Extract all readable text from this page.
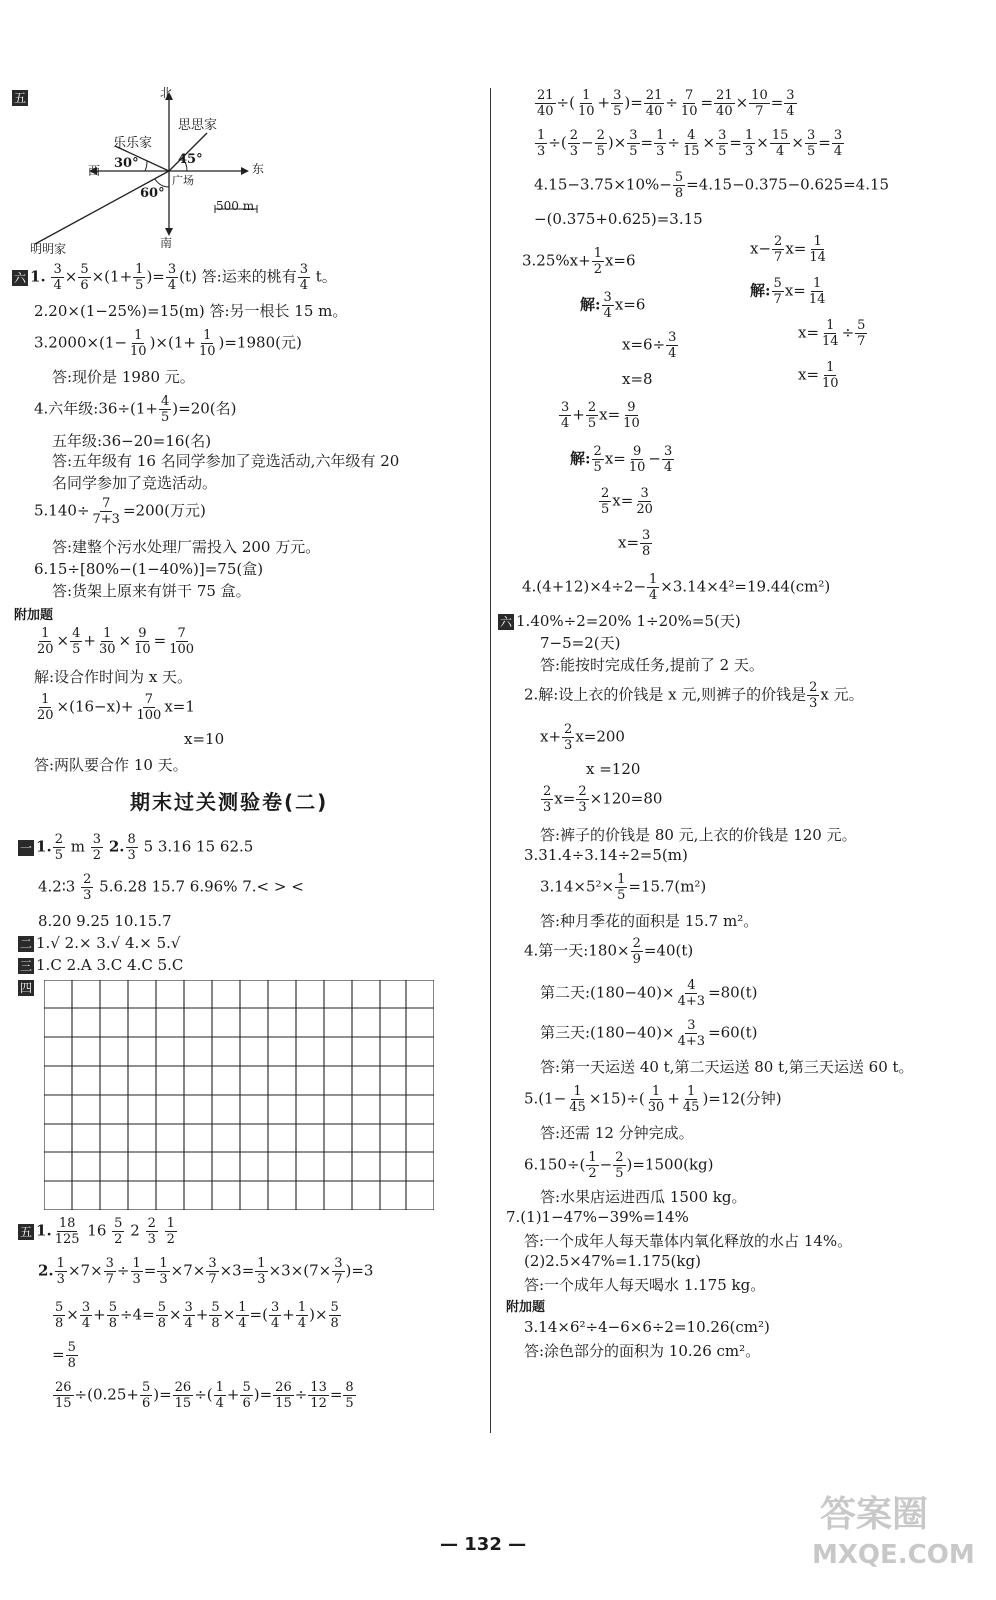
五	北
南
东
西
乐乐家
思思家
广场
明明家
30°	45°
60°
500 m
六 1. $\frac{3}{4} \times \frac{5}{6} \times(1+ \frac{1}{5}$ )= $\frac{3}{4} (t)$ 答:运来的桃有 $\frac{3}{4}$ t。
2.20×(1−25%)=15(m) 答:另一根长 15 m。
$3.2000\times(1- \frac{1}{10} )\times(1+ \frac{1}{10} )=1980$(元)
答:现价是 1980 元。
4.六年级:36÷(1+ $\frac{4}{5} )=20$(名)
五年级:36−20=16(名)
答:五年级有 16 名同学参加了竞选活动,六年级有 20
名同学参加了竞选活动。
$5.140\div \frac{7}{7+3} =200$(万元)
答:建整个污水处理厂需投入 200 万元。
6.15÷[80%−(1−40%)]=75(盒)
答:货架上原来有饼干 75 盒。
附加题
$\frac{1}{20} \times \frac{4}{5} + \frac{1}{30} \times \frac{9}{10} = \frac{7}{100}$
解:设合作时间为 x 天。
$\frac{1}{20} \times(16-x)+ \frac{7}{100} x=1$
x=10
答:两队要合作 10 天。
期末过关测验卷(二)
一 1. $\frac{2}{5}$ m $\frac{3}{2} 2$. $\frac{8}{3} 5$ 3.16 15 62.5
4.2∶3 $\frac{2}{3} 5.6.28$ 15.7 6.96% 7.< > <
8.20 9.25 10.15.7
二 1.√ 2.× 3.√ 4.× 5.√
三 1.C 2.A 3.C 4.C 5.C
四
五 1. $\frac{18}{125} 16 \frac{5}{2} 2 \frac{2}{3}$
$\frac{1}{2}$
2. $\frac{1}{3} \times 7\times \frac{3}{7} \div \frac{1}{3} = \frac{1}{3} \times 7\times \frac{3}{7} \times 3= \frac{1}{3} \times 3\times(7\times \frac{3}{7} )=3$
$\frac{5}{8} \times \frac{3}{4} + \frac{5}{8} \div 4= \frac{5}{8} \times \frac{3}{4} + \frac{5}{8} \times \frac{1}{4}$ =( $\frac{3}{4} + \frac{1}{4}$ )× $\frac{5}{8}$
= $\frac{5}{8}$
$\frac{26}{15} \div(0.25+ \frac{5}{6}$ )= $\frac{26}{15}$ ÷( $\frac{1}{4} + \frac{5}{6}$ )= $\frac{26}{15} \div \frac{13}{12} = \frac{8}{5}$
$\frac{21}{40}$ ÷( $\frac{1}{10} + \frac{3}{5}$ )= $\frac{21}{40} \div \frac{7}{10} = \frac{21}{40} \times \frac{10}{7} = \frac{3}{4}$
$\frac{1}{3}$ ÷( $\frac{2}{3} - \frac{2}{5}$ )× $\frac{3}{5} = \frac{1}{3} \div \frac{4}{15} \times \frac{3}{5} = \frac{1}{3} \times \frac{15}{4} \times \frac{3}{5} = \frac{3}{4}$
$4.15-3.75\times 10\%- \frac{5}{8} =4.15-0.375-0.625=4.15$
−(0.375+0.625)=3.15
$3.25\%x+ \frac{1}{2} x=6$
解: $\frac{3}{4} x=6$
$x=6\div \frac{3}{4}$
x=8
$x- \frac{2}{7} x= \frac{1}{14}$
解: $\frac{5}{7} x= \frac{1}{14}$
$x= \frac{1}{14} \div \frac{5}{7}$
$x= \frac{1}{10}$
$\frac{3}{4} + \frac{2}{5} x= \frac{9}{10}$
解: $\frac{2}{5} x= \frac{9}{10} - \frac{3}{4}$
$\frac{2}{5} x= \frac{3}{20}$
$x= \frac{3}{8}$
$4.(4+12)\times 4\div 2- \frac{1}{4} \times 3.14\times 4^2=19.44(cm^2)$
六 1.40%÷2=20% 1÷20%=5(天)
7−5=2(天)
答:能按时完成任务,提前了 2 天。
2.解:设上衣的价钱是 x 元,则裤子的价钱是 $\frac{2}{3}$ x 元。
$x+ \frac{2}{3} x=200$
x =120
$\frac{2}{3} x= \frac{2}{3} \times 120=80$
答:裤子的价钱是 80 元,上衣的价钱是 120 元。
3.31.4÷3.14÷2=5(m)
$3.14\times 5^2\times \frac{1}{5} =15.7(m^2)$
答:种月季花的面积是 15.7 m²。
4.第一天:180× $\frac{2}{9} =40(t)$
第二天:(180−40)× $\frac{4}{4+3} =80(t)$
第三天:(180−40)× $\frac{3}{4+3} =60(t)$
答:第一天运送 40 t,第二天运送 80 t,第三天运送 60 t。
$5.(1- \frac{1}{45} \times 15)\div( \frac{1}{30} + \frac{1}{45} )=12$(分钟)
答:还需 12 分钟完成。
$6.150\div( \frac{1}{2} - \frac{2}{5} )=1500(kg)$
答:水果店运进西瓜 1500 kg。
7.(1)1−47%−39%=14%
答:一个成年人每天靠体内氧化释放的水占 14%。
(2)2.5×47%=1.175(kg)
答:一个成年人每天喝水 1.175 kg。
附加题
3.14×6²÷4−6×6÷2=10.26(cm²)
答:涂色部分的面积为 10.26 cm²。
— 132 —
答案圈
MXQE.COM
